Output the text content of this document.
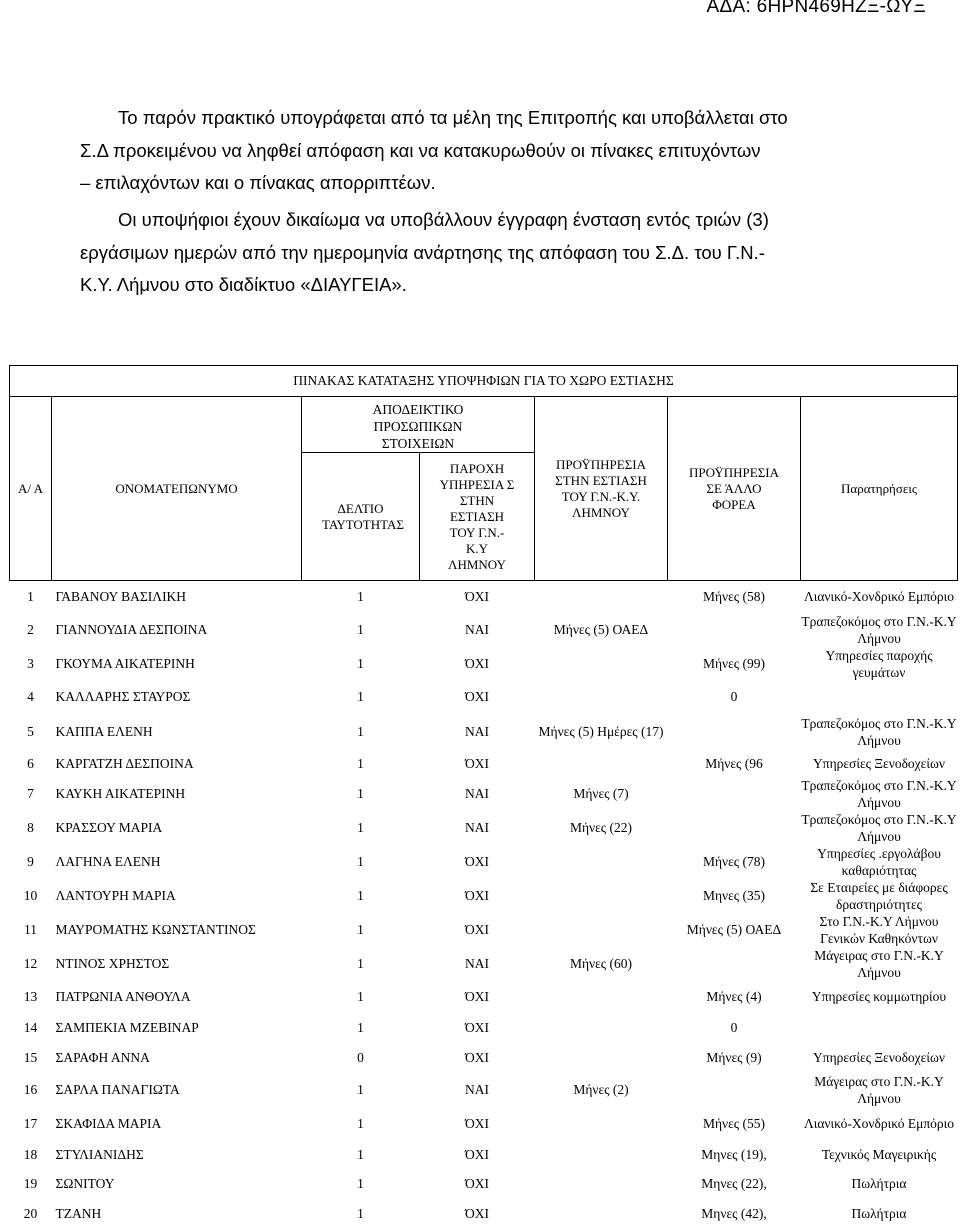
ΑΔΑ: 6ΗΡΝ469ΗΖΞ-ΩΥΞ
Το παρόν πρακτικό υπογράφεται από τα μέλη της Επιτροπής και υποβάλλεται στο
Σ.Δ προκειμένου να ληφθεί απόφαση και να κατακυρωθούν οι πίνακες επιτυχόντων
– επιλαχόντων και ο πίνακας απορριπτέων.
Οι υποψήφιοι έχουν δικαίωμα να υποβάλλουν έγγραφη ένσταση εντός τριών (3)
εργάσιμων ημερών από την ημερομηνία ανάρτησης της απόφαση του Σ.Δ. του Γ.Ν.-
Κ.Υ. Λήμνου στο διαδίκτυο «ΔΙΑΥΓΕΙΑ».
ΠΙΝΑΚΑΣ ΚΑΤΑΤΑΞΗΣ ΥΠΟΨΗΦΙΩΝ ΓΙΑ ΤΟ ΧΩΡΟ ΕΣΤΙΑΣΗΣ						
Α/ Α	ΟΝΟΜΑΤΕΠΩΝΥΜΟ	ΑΠΟΔΕΙΚΤΙΚΟ ΠΡΟΣΩΠΙΚΩΝ ΣΤΟΙΧΕΙΩΝ		ΠΡΟΫΠΗΡΕΣΙΑ ΣΤΗΝ ΕΣΤΙΑΣΗ ΤΟΥ Γ.Ν.-Κ.Υ. ΛΗΜΝΟΥ	ΠΡΟΫΠΗΡΕΣΙΑ ΣΕ ΆΛΛΟ ΦΟΡΕΑ	Παρατηρήσεις
		ΔΕΛΤΙΟ ΤΑΥΤΟΤΗΤΑΣ	ΠΑΡΟΧΗ ΥΠΗΡΕΣΙΑ Σ ΣΤΗΝ ΕΣΤΙΑΣΗ ΤΟΥ Γ.Ν.- Κ.Υ ΛΗΜΝΟΥ			
1	ΓΑΒΑΝΟΥ ΒΑΣΙΛΙΚΗ	1	ΌΧΙ		Μήνες (58)	Λιανικό-Χονδρικό Εμπόριο
2	ΓΙΑΝΝΟΥΔΙΑ ΔΕΣΠΟΙΝΑ	1	ΝΑΙ	Μήνες (5) ΟΑΕΔ		Τραπεζοκόμος στο Γ.Ν.-Κ.Υ Λήμνου
3	ΓΚΟΥΜΑ ΑΙΚΑΤΕΡΙΝΗ	1	ΌΧΙ		Μήνες (99)	Υπηρεσίες παροχής γευμάτων
4	ΚΑΛΛΑΡΗΣ ΣΤΑΥΡΟΣ	1	ΌΧΙ		0	
5	ΚΑΠΠΑ ΕΛΕΝΗ	1	ΝΑΙ	Μήνες (5) Ημέρες (17)		Τραπεζοκόμος στο Γ.Ν.-Κ.Υ Λήμνου
6	ΚΑΡΓΑΤΖΗ ΔΕΣΠΟΙΝΑ	1	ΌΧΙ		Μήνες (96	Υπηρεσίες Ξενοδοχείων
7	ΚΑΥΚΗ ΑΙΚΑΤΕΡΙΝΗ	1	ΝΑΙ	Μήνες (7)		Τραπεζοκόμος στο Γ.Ν.-Κ.Υ Λήμνου
8	ΚΡΑΣΣΟΥ ΜΑΡΙΑ	1	ΝΑΙ	Μήνες (22)		Τραπεζοκόμος στο Γ.Ν.-Κ.Υ Λήμνου
9	ΛΑΓΗΝΑ ΕΛΕΝΗ	1	ΌΧΙ		Μήνες (78)	Υπηρεσίες .εργολάβου καθαριότητας
10	ΛΑΝΤΟΥΡΗ ΜΑΡΙΑ	1	ΌΧΙ		Μηνες (35)	Σε Εταιρείες με διάφορες δραστηριότητες
11	ΜΑΥΡΟΜΑΤΗΣ ΚΩΝΣΤΑΝΤΙΝΟΣ	1	ΌΧΙ		Μήνες (5) ΟΑΕΔ	Στο Γ.Ν.-Κ.Υ Λήμνου Γενικών Καθηκόντων
12	ΝΤΙΝΟΣ ΧΡΗΣΤΟΣ	1	ΝΑΙ	Μήνες (60)		Μάγειρας στο Γ.Ν.-Κ.Υ Λήμνου
13	ΠΑΤΡΩΝΙΑ ΑΝΘΟΥΛΑ	1	ΌΧΙ		Μήνες (4)	Υπηρεσίες κομμωτηρίου
14	ΣΑΜΠΕΚΙΑ ΜΖΕΒΙΝΑΡ	1	ΌΧΙ		0	
15	ΣΑΡΑΦΗ ΑΝΝΑ	0	ΌΧΙ		Μήνες (9)	Υπηρεσίες Ξενοδοχείων
16	ΣΑΡΛΑ ΠΑΝΑΓΙΩΤΑ	1	ΝΑΙ	Μήνες (2)		Μάγειρας στο Γ.Ν.-Κ.Υ Λήμνου
17	ΣΚΑΦΙΔΑ ΜΑΡΙΑ	1	ΌΧΙ		Μήνες (55)	Λιανικό-Χονδρικό Εμπόριο
18	ΣΤΥΛΙΑΝΙΔΗΣ	1	ΌΧΙ		Μηνες (19),	Τεχνικός Μαγειρικής
19	ΣΩΝΙΤΟΥ	1	ΌΧΙ		Μηνες (22),	Πωλήτρια
20	ΤΖΑΝΗ	1	ΌΧΙ		Μηνες (42),	Πωλήτρια
